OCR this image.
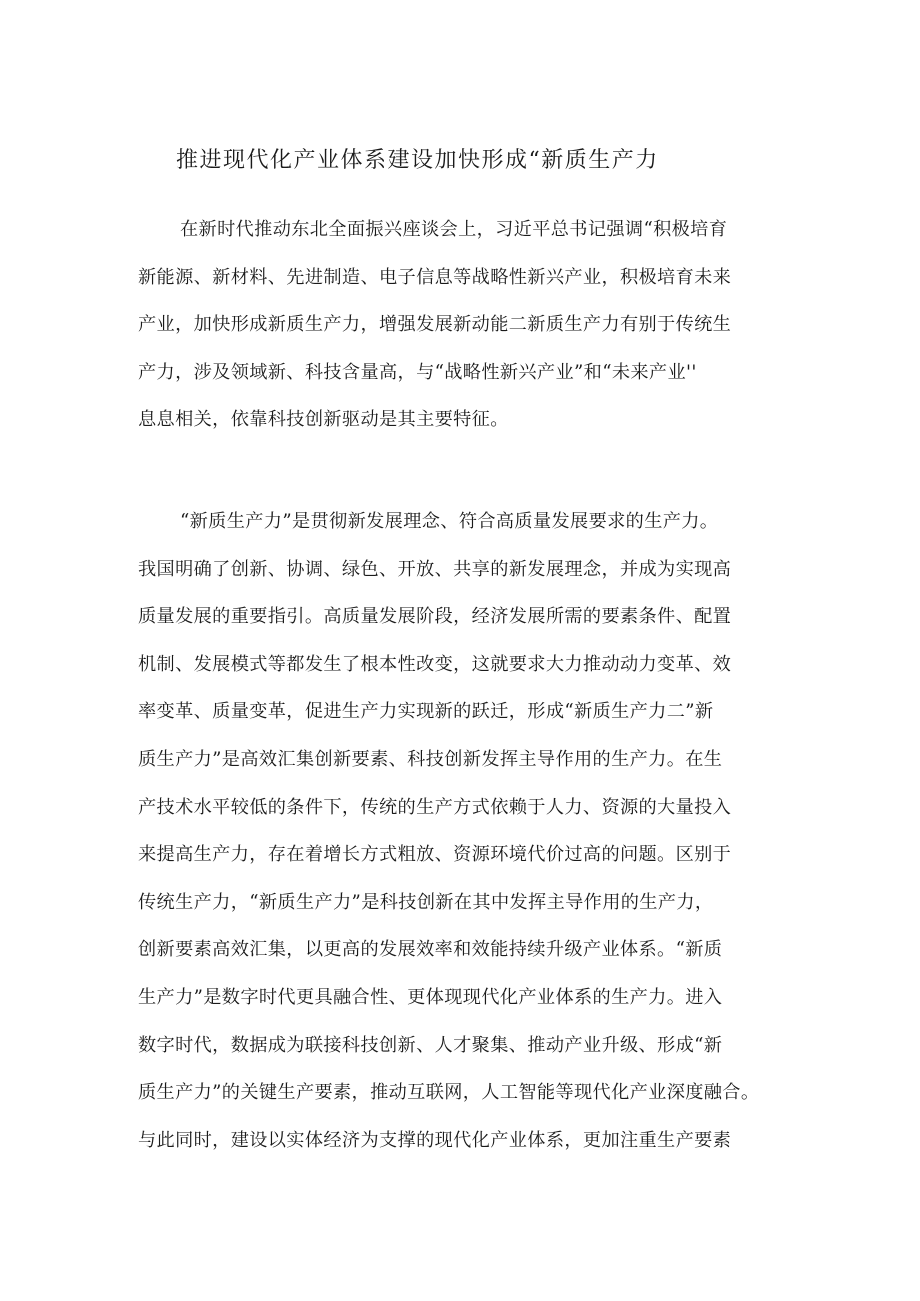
推进现代化产业体系建设加快形成“新质生产力
在新时代推动东北全面振兴座谈会上，习近平总书记强调“积极培育
新能源、新材料、先进制造、电子信息等战略性新兴产业，积极培育未来
产业，加快形成新质生产力，增强发展新动能二新质生产力有别于传统生
产力，涉及领域新、科技含量高，与“战略性新兴产业”和“未来产业''
息息相关，依靠科技创新驱动是其主要特征。
“新质生产力”是贯彻新发展理念、符合高质量发展要求的生产力。
我国明确了创新、协调、绿色、开放、共享的新发展理念，并成为实现高
质量发展的重要指引。高质量发展阶段，经济发展所需的要素条件、配置
机制、发展模式等都发生了根本性改变，这就要求大力推动动力变革、效
率变革、质量变革，促进生产力实现新的跃迁，形成“新质生产力二”新
质生产力”是高效汇集创新要素、科技创新发挥主导作用的生产力。在生
产技术水平较低的条件下，传统的生产方式依赖于人力、资源的大量投入
来提高生产力，存在着增长方式粗放、资源环境代价过高的问题。区别于
传统生产力，“新质生产力”是科技创新在其中发挥主导作用的生产力，
创新要素高效汇集，以更高的发展效率和效能持续升级产业体系。“新质
生产力”是数字时代更具融合性、更体现现代化产业体系的生产力。进入
数字时代，数据成为联接科技创新、人才聚集、推动产业升级、形成“新
质生产力”的关键生产要素，推动互联网，人工智能等现代化产业深度融合。
与此同时，建设以实体经济为支撑的现代化产业体系，更加注重生产要素
